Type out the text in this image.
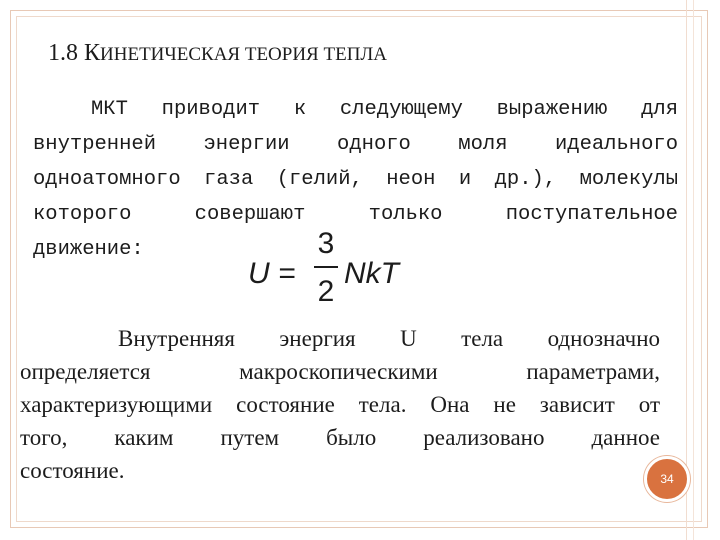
1.8 КИНЕТИЧЕСКАЯ ТЕОРИЯ ТЕПЛА
МКТ приводит к следующему выражению для
внутренней энергии одного моля идеального
одноатомного газа (гелий, неон и др.), молекулы
которого совершают только поступательное
движение:
U =
3
2
NkT
Внутренняя энергия U тела однозначно
определяется макроскопическими параметрами,
характеризующими состояние тела. Она не зависит от
того, каким путем было реализовано данное
состояние.	34
